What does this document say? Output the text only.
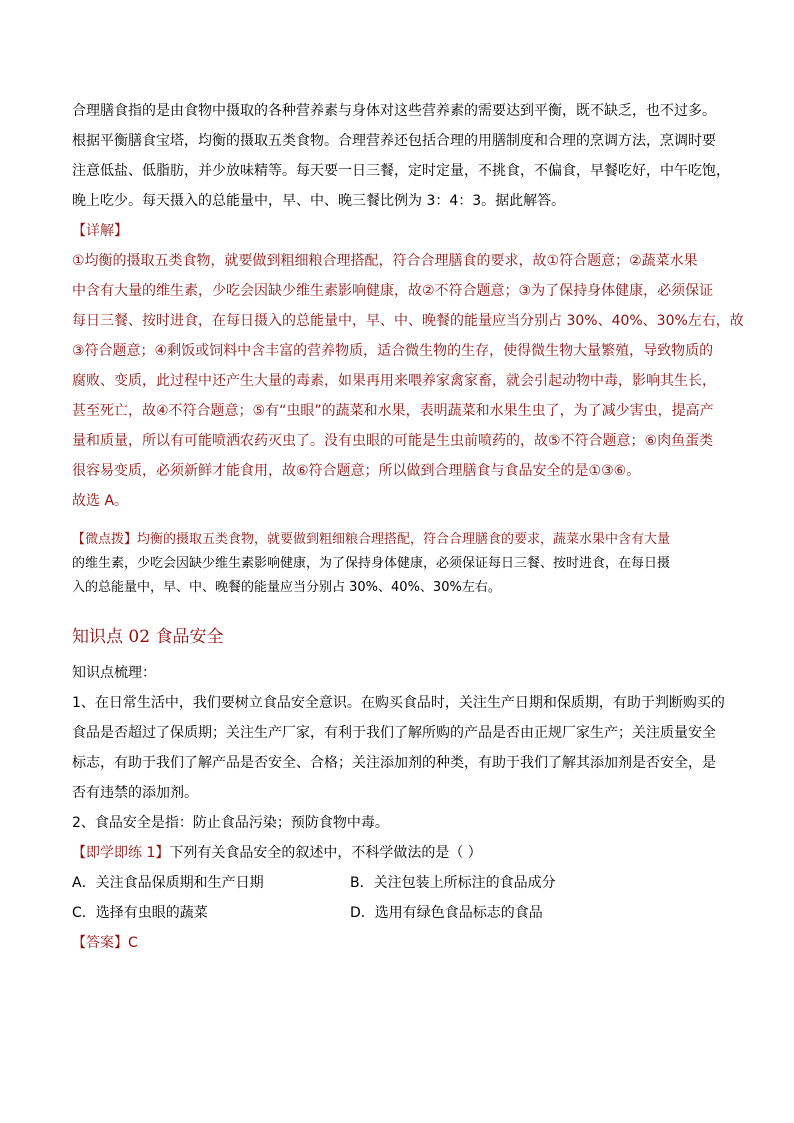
合理膳食指的是由食物中摄取的各种营养素与身体对这些营养素的需要达到平衡，既不缺乏，也不过多。

根据平衡膳食宝塔，均衡的摄取五类食物。合理营养还包括合理的用膳制度和合理的烹调方法，烹调时要

注意低盐、低脂肪，并少放味精等。每天要一日三餐，定时定量，不挑食，不偏食，早餐吃好，中午吃饱，

晚上吃少。每天摄入的总能量中，早、中、晚三餐比例为 3：4：3。据此解答。

【详解】

①均衡的摄取五类食物，就要做到粗细粮合理搭配，符合合理膳食的要求，故①符合题意；②蔬菜水果

中含有大量的维生素，少吃会因缺少维生素影响健康，故②不符合题意；③为了保持身体健康，必须保证

每日三餐、按时进食，在每日摄入的总能量中，早、中、晚餐的能量应当分别占 30%、40%、30%左右，故

③符合题意；④剩饭或饲料中含丰富的营养物质，适合微生物的生存，使得微生物大量繁殖，导致物质的

腐败、变质，此过程中还产生大量的毒素，如果再用来喂养家禽家畜，就会引起动物中毒，影响其生长，

甚至死亡，故④不符合题意；⑤有“虫眼”的蔬菜和水果，表明蔬菜和水果生虫了，为了减少害虫，提高产

量和质量，所以有可能喷洒农药灭虫了。没有虫眼的可能是生虫前喷药的，故⑤不符合题意；⑥肉鱼蛋类

很容易变质，必须新鲜才能食用，故⑥符合题意；所以做到合理膳食与食品安全的是①③⑥。

故选 A。

【微点拨】均衡的摄取五类食物，就要做到粗细粮合理搭配，符合合理膳食的要求，蔬菜水果中含有大量

的维生素，少吃会因缺少维生素影响健康，为了保持身体健康，必须保证每日三餐、按时进食，在每日摄

入的总能量中，早、中、晚餐的能量应当分别占 30%、40%、30%左右。

知识点 02 食品安全

知识点梳理：

1、在日常生活中，我们要树立食品安全意识。在购买食品时，关注生产日期和保质期，有助于判断购买的

食品是否超过了保质期；关注生产厂家，有利于我们了解所购的产品是否由正规厂家生产；关注质量安全

标志，有助于我们了解产品是否安全、合格；关注添加剂的种类，有助于我们了解其添加剂是否安全，是

否有违禁的添加剂。

2、食品安全是指：防止食品污染；预防食物中毒。

【即学即练 1】下列有关食品安全的叙述中，不科学做法的是（ ）

A．关注食品保质期和生产日期	B．关注包装上所标注的食品成分
C．选择有虫眼的蔬菜	D．选用有绿色食品标志的食品

【答案】C
